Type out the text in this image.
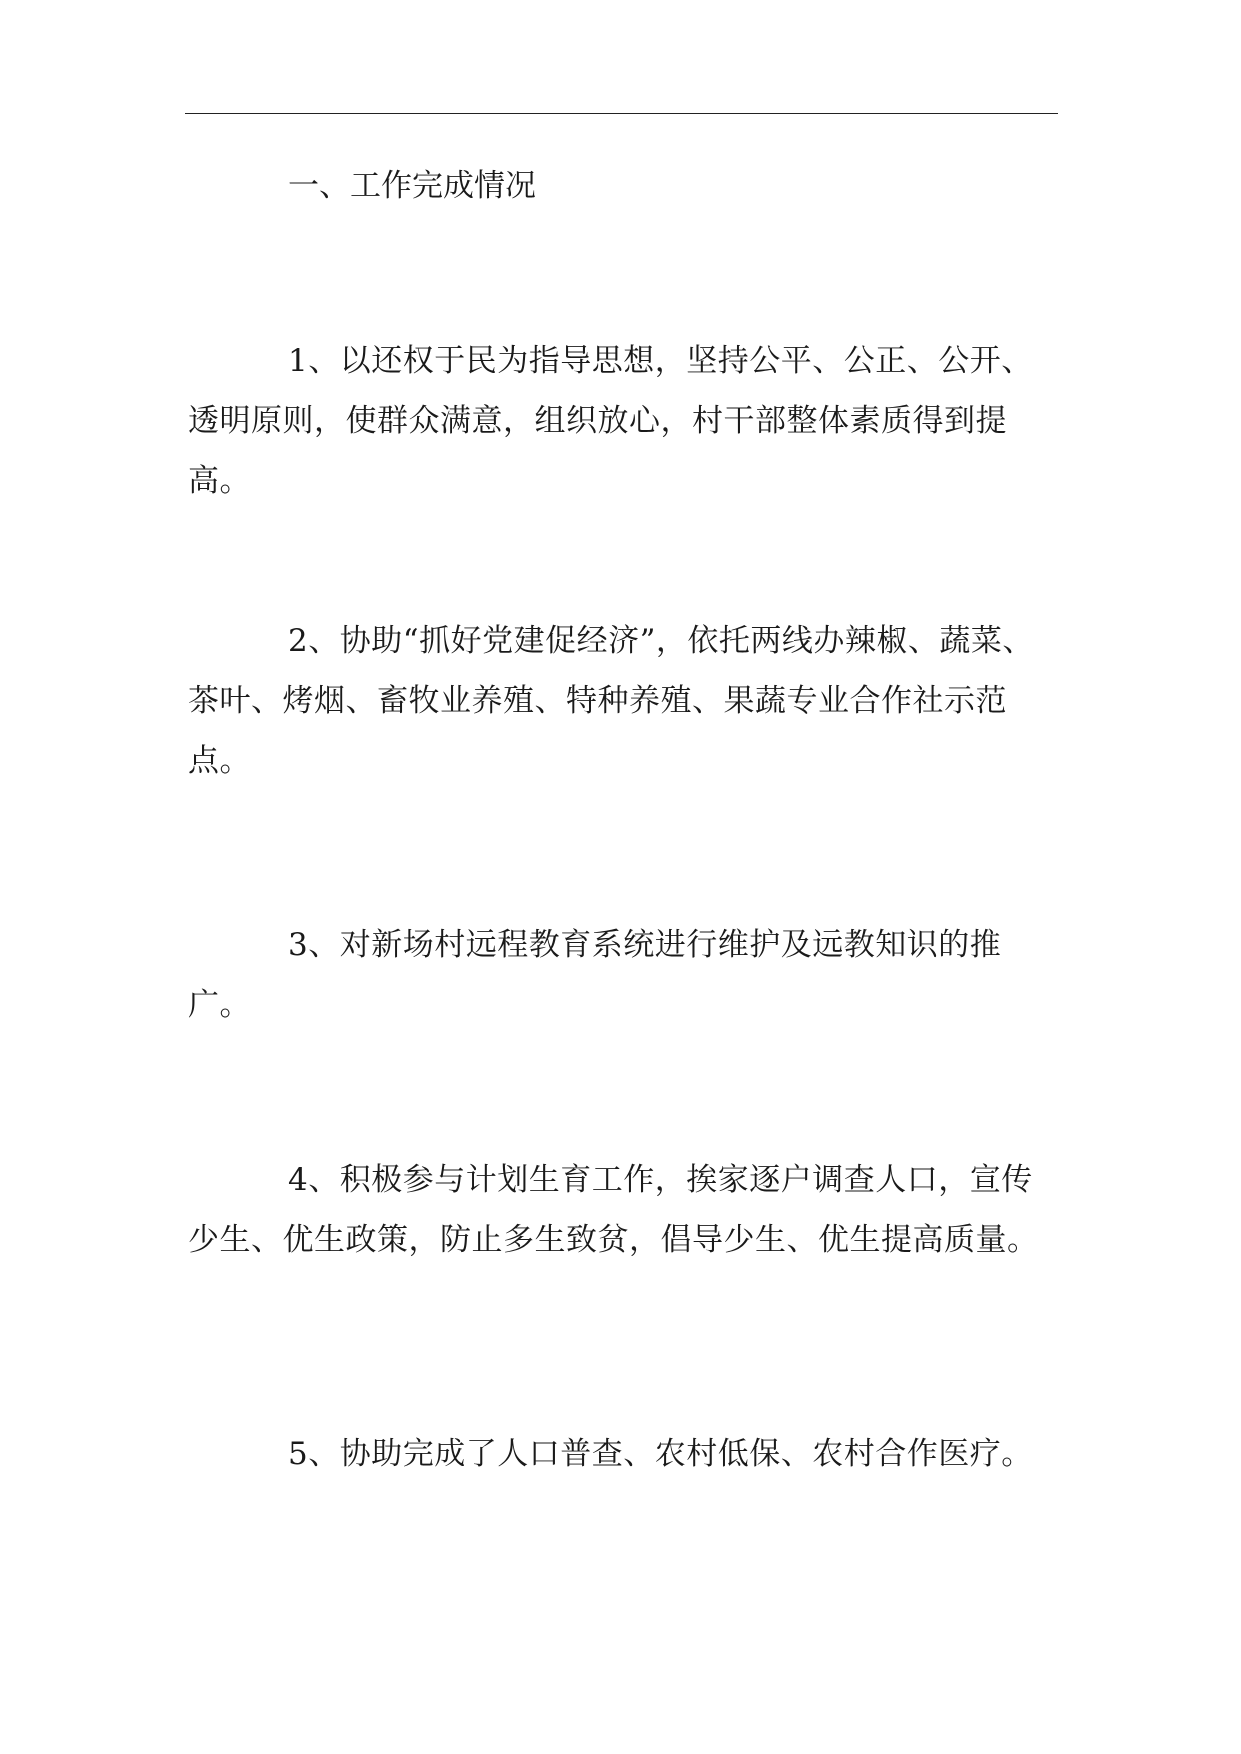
一、工作完成情况

1、以还权于民为指导思想，坚持公平、公正、公开、透明原则，使群众满意，组织放心，村干部整体素质得到提高。

2、协助“抓好党建促经济”，依托两线办辣椒、蔬菜、茶叶、烤烟、畜牧业养殖、特种养殖、果蔬专业合作社示范点。

3、对新场村远程教育系统进行维护及远教知识的推广。

4、积极参与计划生育工作，挨家逐户调查人口，宣传少生、优生政策，防止多生致贫，倡导少生、优生提高质量。

5、协助完成了人口普查、农村低保、农村合作医疗。
